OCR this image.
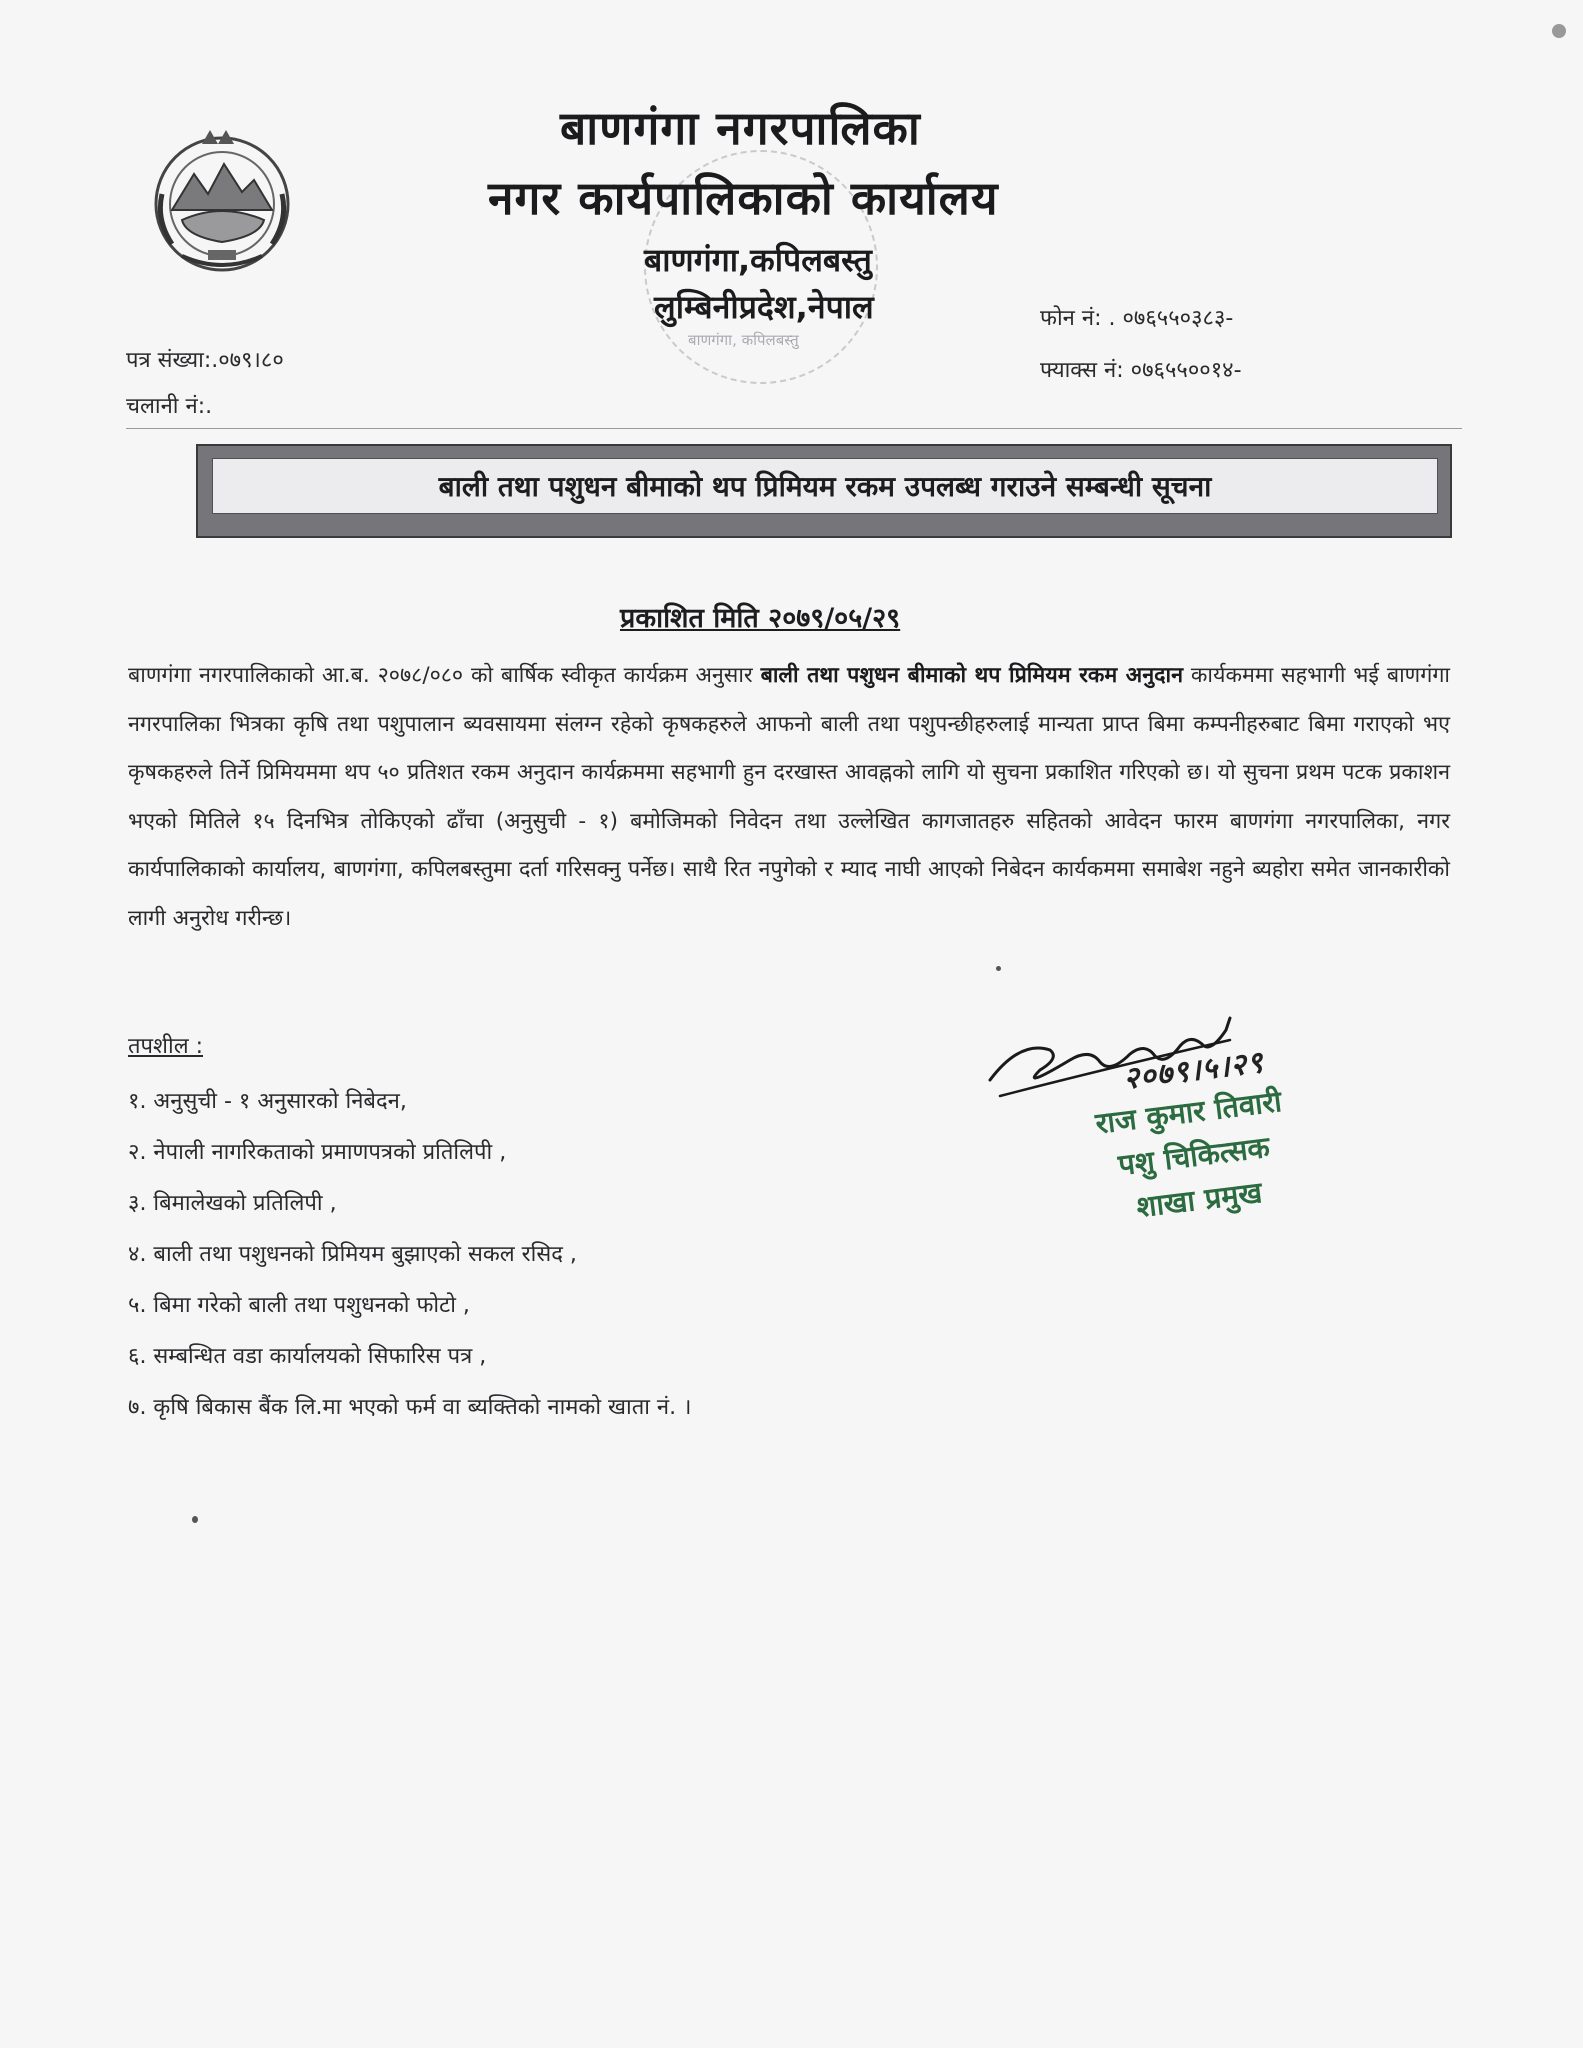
बाणगंगा, कपिलबस्तु
बाणगंगा नगरपालिका
नगर कार्यपालिकाको कार्यालय
बाणगंगा,कपिलबस्तु
लुम्बिनीप्रदेश,नेपाल	फोन नं: . ०७६५५०३८३-
फ्याक्स नं: ०७६५५००१४-
पत्र संख्या:.०७९।८०
चलानी नं:.
बाली तथा पशुधन बीमाको थप प्रिमियम रकम उपलब्ध गराउने सम्बन्धी सूचना
प्रकाशित मिति २०७९/०५/२९
बाणगंगा नगरपालिकाको आ.ब. २०७८/०८० को बार्षिक स्वीकृत कार्यक्रम अनुसार बाली तथा पशुधन बीमाको थप प्रिमियम रकम अनुदान कार्यकममा सहभागी भई बाणगंगा नगरपालिका भित्रका कृषि तथा पशुपालान ब्यवसायमा संलग्न रहेको कृषकहरुले आफनो बाली तथा पशुपन्छीहरुलाई मान्यता प्राप्त बिमा कम्पनीहरुबाट बिमा गराएको भए कृषकहरुले तिर्ने प्रिमियममा थप ५० प्रतिशत रकम अनुदान कार्यक्रममा सहभागी हुन दरखास्त आवह्नको लागि यो सुचना प्रकाशित गरिएको छ। यो सुचना प्रथम पटक प्रकाशन भएको मितिले १५ दिनभित्र तोकिएको ढाँचा (अनुसुची - १) बमोजिमको निवेदन तथा उल्लेखित कागजातहरु सहितको आवेदन फारम बाणगंगा नगरपालिका, नगर कार्यपालिकाको कार्यालय, बाणगंगा, कपिलबस्तुमा दर्ता गरिसक्नु पर्नेछ। साथै रित नपुगेको र म्याद नाघी आएको निबेदन कार्यकममा समाबेश नहुने ब्यहोरा समेत जानकारीको लागी अनुरोध गरीन्छ।
तपशील :
१. अनुसुची - १ अनुसारको निबेदन,
२. नेपाली नागरिकताको प्रमाणपत्रको प्रतिलिपी ,
३. बिमालेखको प्रतिलिपी ,
४. बाली तथा पशुधनको प्रिमियम बुझाएको सकल रसिद ,
५. बिमा गरेको बाली तथा पशुधनको फोटो ,
६. सम्बन्धित वडा कार्यालयको सिफारिस पत्र ,
७. कृषि बिकास बैंक लि.मा भएको फर्म वा ब्यक्तिको नामको खाता नं. ।
२०७९।५।२९
राज कुमार तिवारी
पशु चिकित्सक
शाखा प्रमुख
